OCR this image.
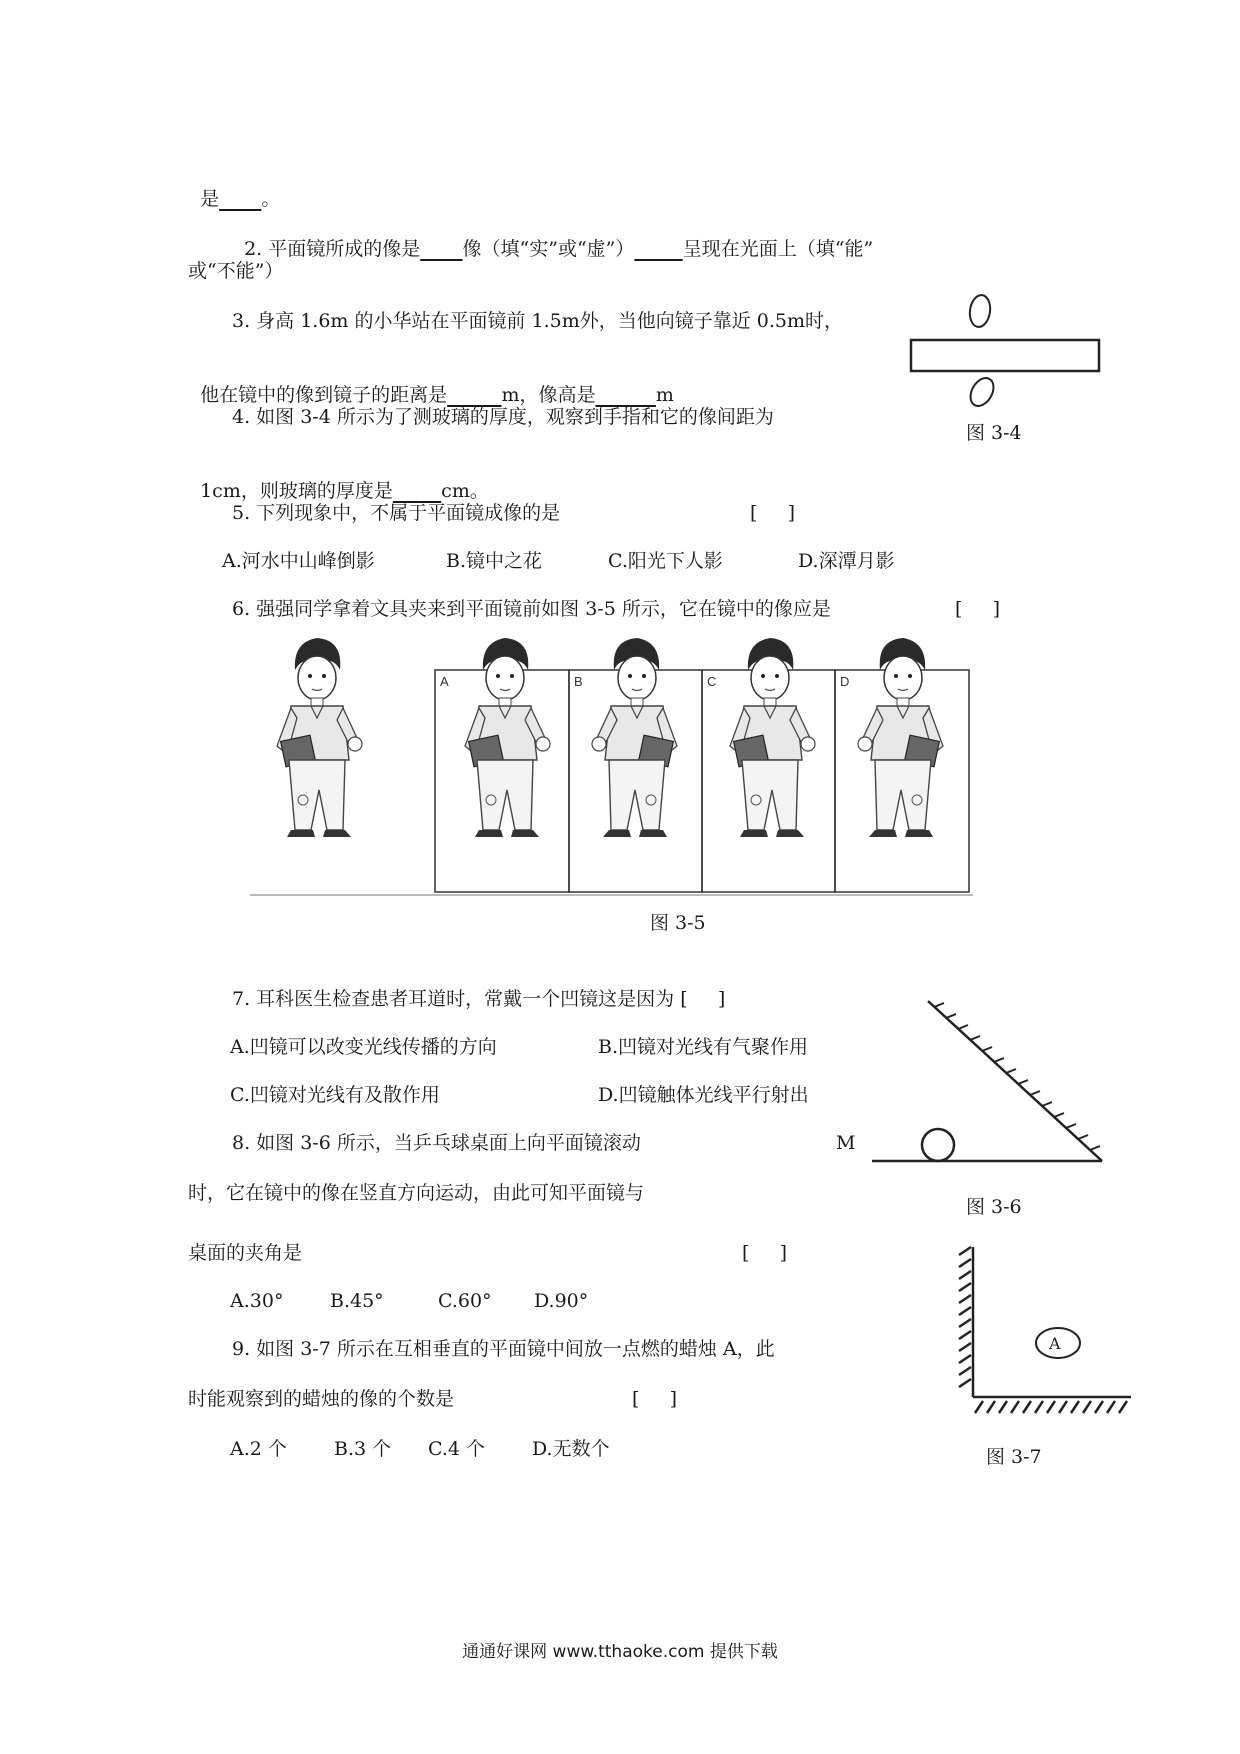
是 。

2. 平面镜所成的像是 像（填“实”或“虚”）	呈现在光面上（填“能”

或“不能”）
3. 身高 1.6m 的小华站在平面镜前 1.5m外，当他向镜子靠近 0.5m时，

他在镜中的像到镜子的距离是	m，像高是	m

图 3-4
4. 如图 3-4 所示为了测玻璃的厚度，观察到手指和它的像间距为

1cm，则玻璃的厚度是	cm。

5. 下列现象中，不属于平面镜成像的是	[     ]
A.河水中山峰倒影	B.镜中之花	C.阳光下人影	D.深潭月影
6. 强强同学拿着文具夹来到平面镜前如图 3-5 所示，它在镜中的像应是	[     ]
A	B	C	D
图 3-5
7. 耳科医生检查患者耳道时，常戴一个凹镜这是因为 [     ]
A.凹镜可以改变光线传播的方向	B.凹镜对光线有气聚作用
C.凹镜对光线有及散作用	D.凹镜触体光线平行射出
图 3-6
8. 如图 3-6 所示，当乒乓球桌面上向平面镜滚动	M
时，它在镜中的像在竖直方向运动，由此可知平面镜与
桌面的夹角是	[     ]
A.30° B.45°	C.60° D.90°
A
图 3-7
9. 如图 3-7 所示在互相垂直的平面镜中间放一点燃的蜡烛 A，此
时能观察到的蜡烛的像的个数是	[     ]
A.2 个 B.3 个 C.4 个 D.无数个
通通好课网 www.tthaoke.com 提供下载
